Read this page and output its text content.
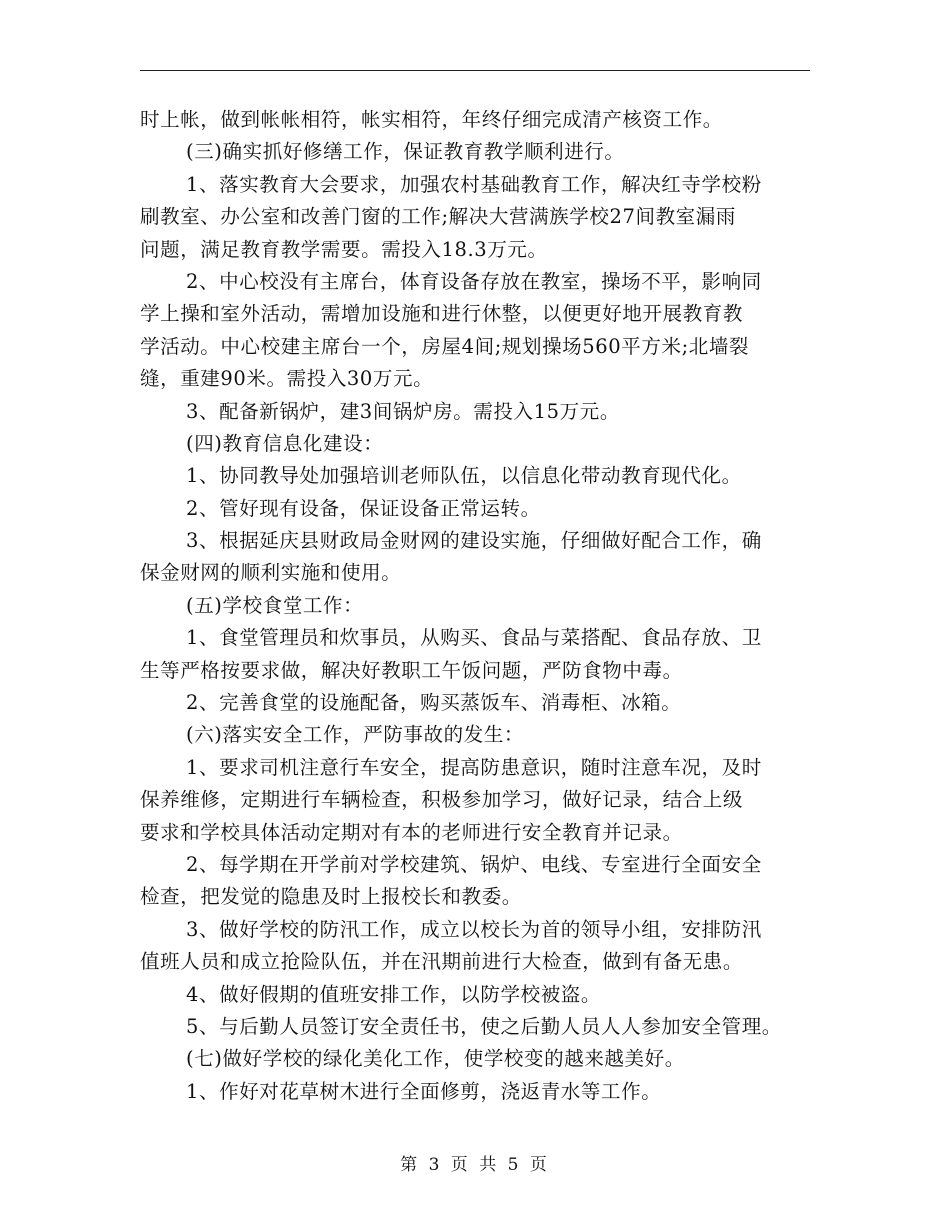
时上帐，做到帐帐相符，帐实相符，年终仔细完成清产核资工作。
(三)确实抓好修缮工作，保证教育教学顺利进行。
1、落实教育大会要求，加强农村基础教育工作，解决红寺学校粉
刷教室、办公室和改善门窗的工作;解决大营满族学校27间教室漏雨
问题，满足教育教学需要。需投入18.3万元。
2、中心校没有主席台，体育设备存放在教室，操场不平，影响同
学上操和室外活动，需增加设施和进行休整，以便更好地开展教育教
学活动。中心校建主席台一个，房屋4间;规划操场560平方米;北墙裂
缝，重建90米。需投入30万元。
3、配备新锅炉，建3间锅炉房。需投入15万元。
(四)教育信息化建设：
1、协同教导处加强培训老师队伍，以信息化带动教育现代化。
2、管好现有设备，保证设备正常运转。
3、根据延庆县财政局金财网的建设实施，仔细做好配合工作，确
保金财网的顺利实施和使用。
(五)学校食堂工作：
1、食堂管理员和炊事员，从购买、食品与菜搭配、食品存放、卫
生等严格按要求做，解决好教职工午饭问题，严防食物中毒。
2、完善食堂的设施配备，购买蒸饭车、消毒柜、冰箱。
(六)落实安全工作，严防事故的发生：
1、要求司机注意行车安全，提高防患意识，随时注意车况，及时
保养维修，定期进行车辆检查，积极参加学习，做好记录，结合上级
要求和学校具体活动定期对有本的老师进行安全教育并记录。
2、每学期在开学前对学校建筑、锅炉、电线、专室进行全面安全
检查，把发觉的隐患及时上报校长和教委。
3、做好学校的防汛工作，成立以校长为首的领导小组，安排防汛
值班人员和成立抢险队伍，并在汛期前进行大检查，做到有备无患。
4、做好假期的值班安排工作，以防学校被盗。
5、与后勤人员签订安全责任书，使之后勤人员人人参加安全管理。
(七)做好学校的绿化美化工作，使学校变的越来越美好。
1、作好对花草树木进行全面修剪，浇返青水等工作。
第 3 页 共 5 页
